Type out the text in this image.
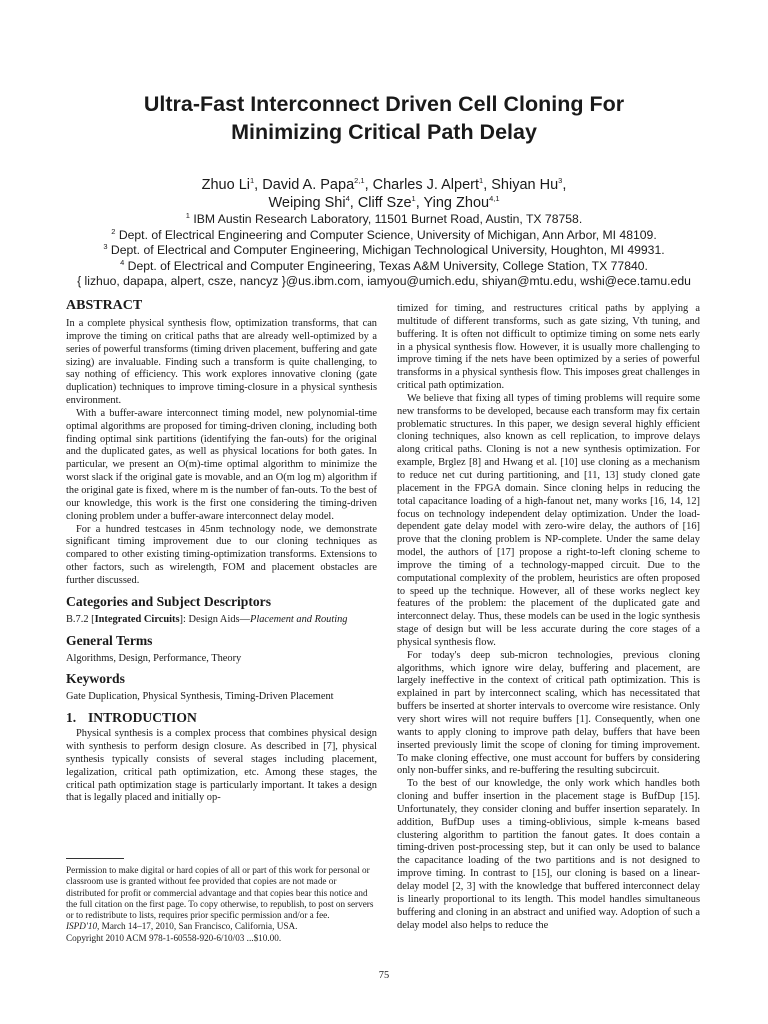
Ultra-Fast Interconnect Driven Cell Cloning For
Minimizing Critical Path Delay
Zhuo Li$^1$, David A. Papa$^{2,1}$, Charles J. Alpert$^1$, Shiyan Hu$^3$,
Weiping Shi$^4$, Cliff Sze$^1$, Ying Zhou$^{4,1}$
$^1$ IBM Austin Research Laboratory, 11501 Burnet Road, Austin, TX 78758.
$^2$ Dept. of Electrical Engineering and Computer Science, University of Michigan, Ann Arbor, MI 48109.
$^3$ Dept. of Electrical and Computer Engineering, Michigan Technological University, Houghton, MI 49931.
$^4$ Dept. of Electrical and Computer Engineering, Texas A&M University, College Station, TX 77840.
{ lizhuo, dapapa, alpert, csze, nancyz }@us.ibm.com, iamyou@umich.edu, shiyan@mtu.edu, wshi@ece.tamu.edu
ABSTRACT

In a complete physical synthesis flow, optimization transforms, that can improve the timing on critical paths that are already well-optimized by a series of powerful transforms (timing driven placement, buffering and gate sizing) are invaluable. Finding such a transform is quite challenging, to say nothing of efficiency. This work explores innovative cloning (gate duplication) techniques to improve timing-closure in a physical synthesis environment.

With a buffer-aware interconnect timing model, new polynomial-time optimal algorithms are proposed for timing-driven cloning, including both finding optimal sink partitions (identifying the fan-outs) for the original and the duplicated gates, as well as physical locations for both gates. In particular, we present an O(m)-time optimal algorithm to minimize the worst slack if the original gate is movable, and an O(m log m) algorithm if the original gate is fixed, where m is the number of fan-outs. To the best of our knowledge, this work is the first one considering the timing-driven cloning problem under a buffer-aware interconnect delay model.

For a hundred testcases in 45nm technology node, we demonstrate significant timing improvement due to our cloning techniques as compared to other existing timing-optimization transforms. Extensions to other factors, such as wirelength, FOM and placement obstacles are further discussed.

Categories and Subject Descriptors

B.7.2 [Integrated Circuits]: Design Aids—Placement and Routing

General Terms

Algorithms, Design, Performance, Theory

Keywords

Gate Duplication, Physical Synthesis, Timing-Driven Placement

1. INTRODUCTION

Physical synthesis is a complex process that combines physical design with synthesis to perform design closure. As described in [7], physical synthesis typically consists of several stages including placement, legalization, critical path optimization, etc. Among these stages, the critical path optimization stage is particularly important. It takes a design that is legally placed and initially op-

Permission to make digital or hard copies of all or part of this work for personal or classroom use is granted without fee provided that copies are not made or distributed for profit or commercial advantage and that copies bear this notice and the full citation on the first page. To copy otherwise, to republish, to post on servers or to redistribute to lists, requires prior specific permission and/or a fee.

ISPD'10, March 14–17, 2010, San Francisco, California, USA.

Copyright 2010 ACM 978-1-60558-920-6/10/03 ...$10.00.

timized for timing, and restructures critical paths by applying a multitude of different transforms, such as gate sizing, Vth tuning, and buffering. It is often not difficult to optimize timing on some nets early in a physical synthesis flow. However, it is usually more challenging to improve timing if the nets have been optimized by a series of powerful transforms in a physical synthesis flow. This imposes great challenges in critical path optimization.

We believe that fixing all types of timing problems will require some new transforms to be developed, because each transform may fix certain problematic structures. In this paper, we design several highly efficient cloning techniques, also known as cell replication, to improve delays along critical paths. Cloning is not a new synthesis optimization. For example, Brglez [8] and Hwang et al. [10] use cloning as a mechanism to reduce net cut during partitioning, and [11, 13] study cloned gate placement in the FPGA domain. Since cloning helps in reducing the total capacitance loading of a high-fanout net, many works [16, 14, 12] focus on technology independent delay optimization. Under the load-dependent gate delay model with zero-wire delay, the authors of [16] prove that the cloning problem is NP-complete. Under the same delay model, the authors of [17] propose a right-to-left cloning scheme to improve the timing of a technology-mapped circuit. Due to the computational complexity of the problem, heuristics are often proposed to speed up the technique. However, all of these works neglect key features of the problem: the placement of the duplicated gate and interconnect delay. Thus, these models can be used in the logic synthesis stage of design but will be less accurate during the core stages of a physical synthesis flow.

For today's deep sub-micron technologies, previous cloning algorithms, which ignore wire delay, buffering and placement, are largely ineffective in the context of critical path optimization. This is explained in part by interconnect scaling, which has necessitated that buffers be inserted at shorter intervals to overcome wire resistance. Only very short wires will not require buffers [1]. Consequently, when one wants to apply cloning to improve path delay, buffers that have been inserted previously limit the scope of cloning for timing improvement. To make cloning effective, one must account for buffers by considering only non-buffer sinks, and re-buffering the resulting subcircuit.

To the best of our knowledge, the only work which handles both cloning and buffer insertion in the placement stage is BufDup [15]. Unfortunately, they consider cloning and buffer insertion separately. In addition, BufDup uses a timing-oblivious, simple k-means based clustering algorithm to partition the fanout gates. It does contain a timing-driven post-processing step, but it can only be used to balance the capacitance loading of the two partitions and is not designed to improve timing. In contrast to [15], our cloning is based on a linear-delay model [2, 3] with the knowledge that buffered interconnect delay is linearly proportional to its length. This model handles simultaneous buffering and cloning in an abstract and unified way. Adoption of such a delay model also helps to reduce the

75
